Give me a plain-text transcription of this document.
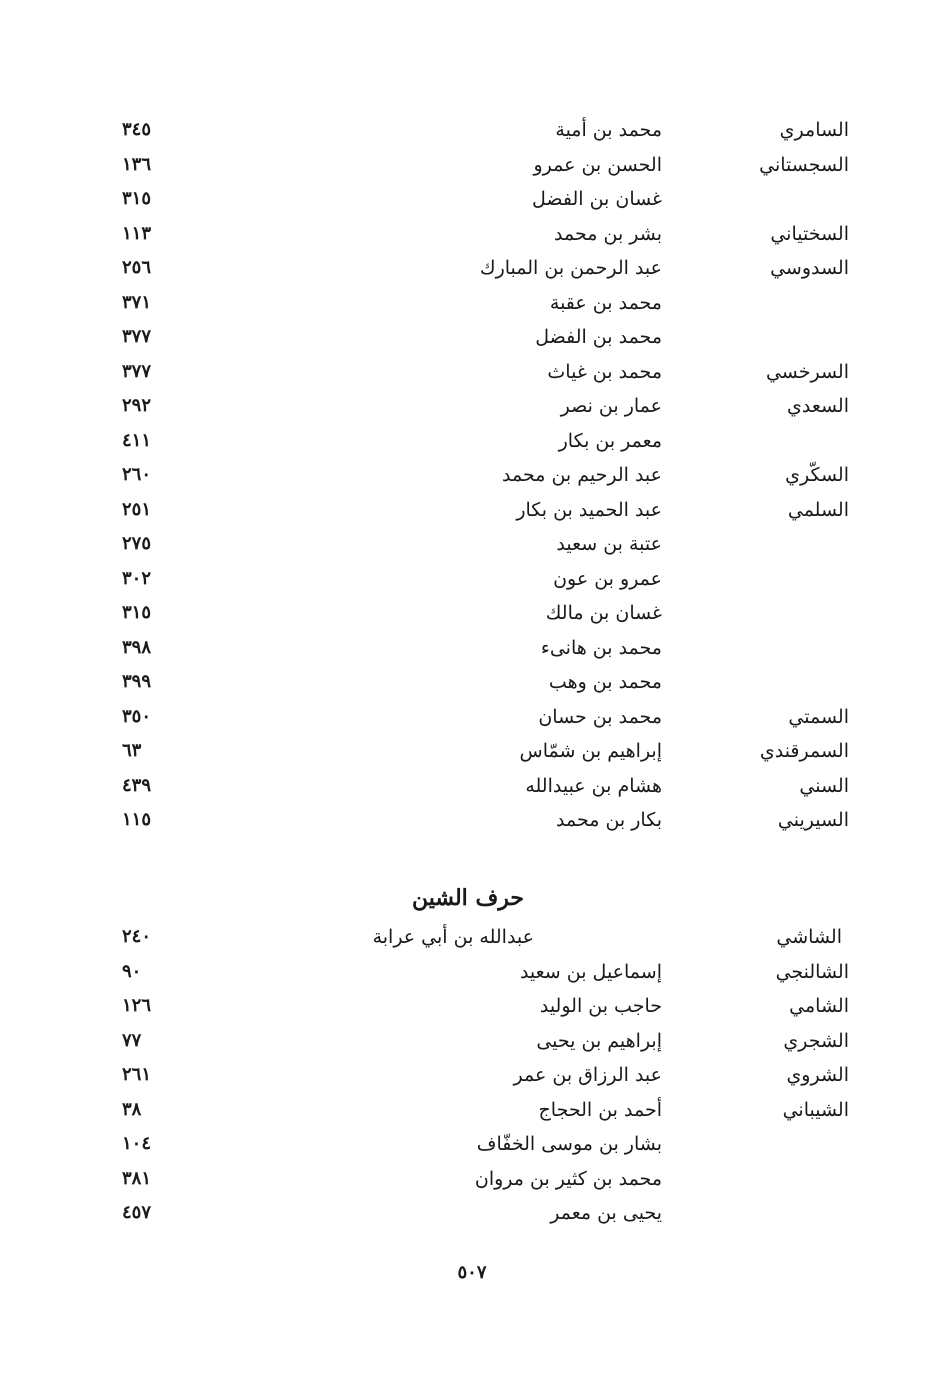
السامري
محمد بن أمية
٣٤٥
السجستاني
الحسن بن عمرو
١٣٦
غسان بن الفضل
٣١٥
السختياني
بشر بن محمد
١١٣
السدوسي
عبد الرحمن بن المبارك
٢٥٦
محمد بن عقبة
٣٧١
محمد بن الفضل
٣٧٧
السرخسي
محمد بن غياث
٣٧٧
السعدي
عمار بن نصر
٢٩٢
معمر بن بكار
٤١١
السكّري
عبد الرحيم بن محمد
٢٦٠
السلمي
عبد الحميد بن بكار
٢٥١
عتبة بن سعيد
٢٧٥
عمرو بن عون
٣٠٢
غسان بن مالك
٣١٥
محمد بن هانىء
٣٩٨
محمد بن وهب
٣٩٩
السمتي
محمد بن حسان
٣٥٠
السمرقندي
إبراهيم بن شمّاس
٦٣
السني
هشام بن عبيدالله
٤٣٩
السيريني
بكار بن محمد
١١٥
حرف الشين
الشاشي
عبدالله بن أبي عرابة
٢٤٠
الشالنجي
إسماعيل بن سعيد
٩٠
الشامي
حاجب بن الوليد
١٢٦
الشجري
إبراهيم بن يحيى
٧٧
الشروي
عبد الرزاق بن عمر
٢٦١
الشيباني
أحمد بن الحجاج
٣٨
بشار بن موسى الخفّاف
١٠٤
محمد بن كثير بن مروان
٣٨١
يحيى بن معمر
٤٥٧
٥٠٧
